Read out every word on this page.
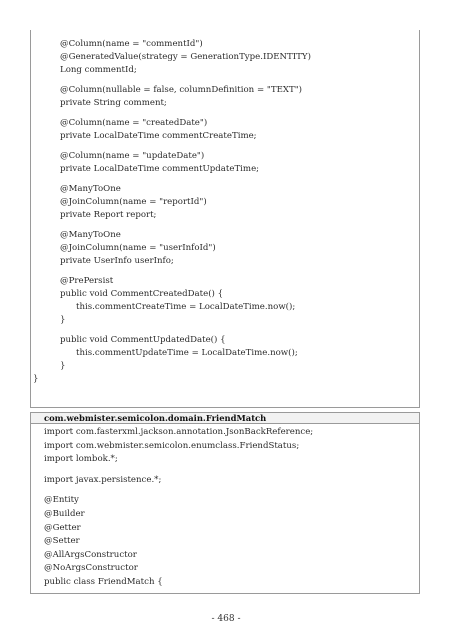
com.webmister.semicolon.domain.FriendMatch
- 468 -
@Column(name = "commentId")
@GeneratedValue(strategy = GenerationType.IDENTITY)
Long commentId;
@Column(nullable = false, columnDefinition = "TEXT")
private String comment;
@Column(name = "createdDate")
private LocalDateTime commentCreateTime;
@Column(name = "updateDate")
private LocalDateTime commentUpdateTime;
@ManyToOne
@JoinColumn(name = "reportId")
private Report report;
@ManyToOne
@JoinColumn(name = "userInfoId")
private UserInfo userInfo;
@PrePersist
public void CommentCreatedDate() {
this.commentCreateTime = LocalDateTime.now();
}
public void CommentUpdatedDate() {
this.commentUpdateTime = LocalDateTime.now();
}
}
import com.fasterxml.jackson.annotation.JsonBackReference;
import com.webmister.semicolon.enumclass.FriendStatus;
import lombok.*;
import javax.persistence.*;
@Entity
@Builder
@Getter
@Setter
@AllArgsConstructor
@NoArgsConstructor
public class FriendMatch {
